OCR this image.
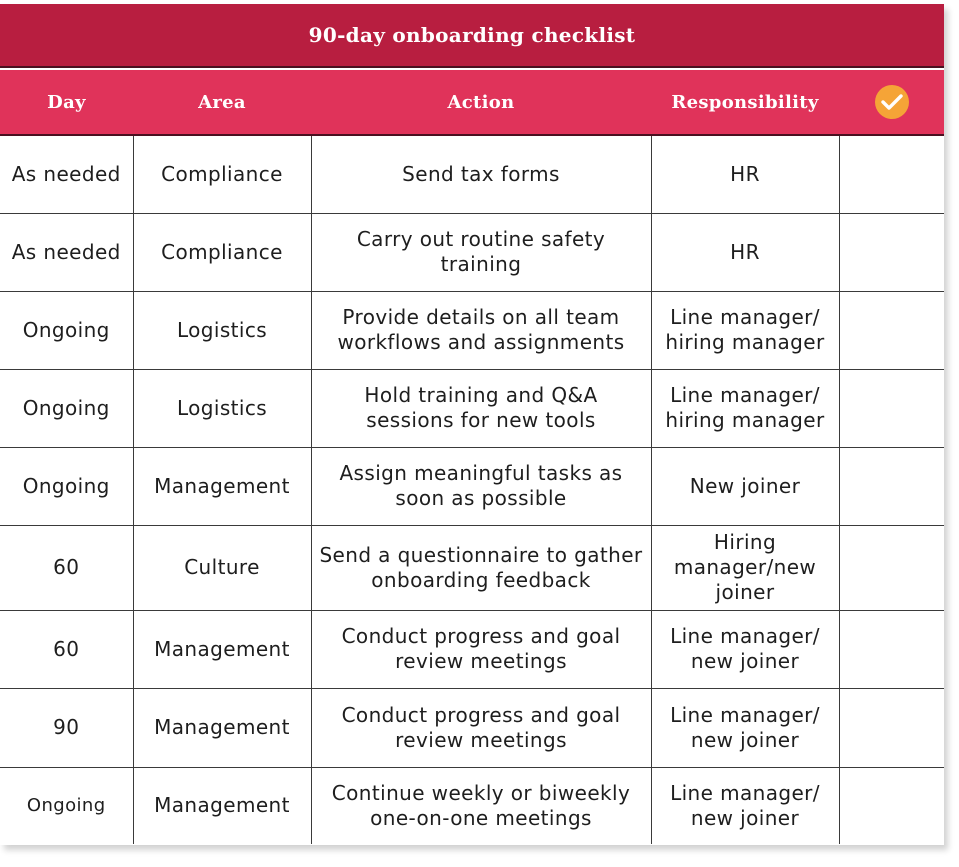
90-day onboarding checklist
Day	Area	Action	Responsibility	

As needed	Compliance	Send tax forms	HR	
As needed	Compliance	Carry out routine safety training	HR	
Ongoing	Logistics	Provide details on all team workflows and assignments	Line manager/ hiring manager	
Ongoing	Logistics	Hold training and Q&A sessions for new tools	Line manager/ hiring manager	
Ongoing	Management	Assign meaningful tasks as soon as possible	New joiner	
60	Culture	Send a questionnaire to gather onboarding feedback	Hiring manager/new joiner	
60	Management	Conduct progress and goal review meetings	Line manager/ new joiner	
90	Management	Conduct progress and goal review meetings	Line manager/ new joiner	
Ongoing	Management	Continue weekly or biweekly one-on-one meetings	Line manager/ new joiner	
